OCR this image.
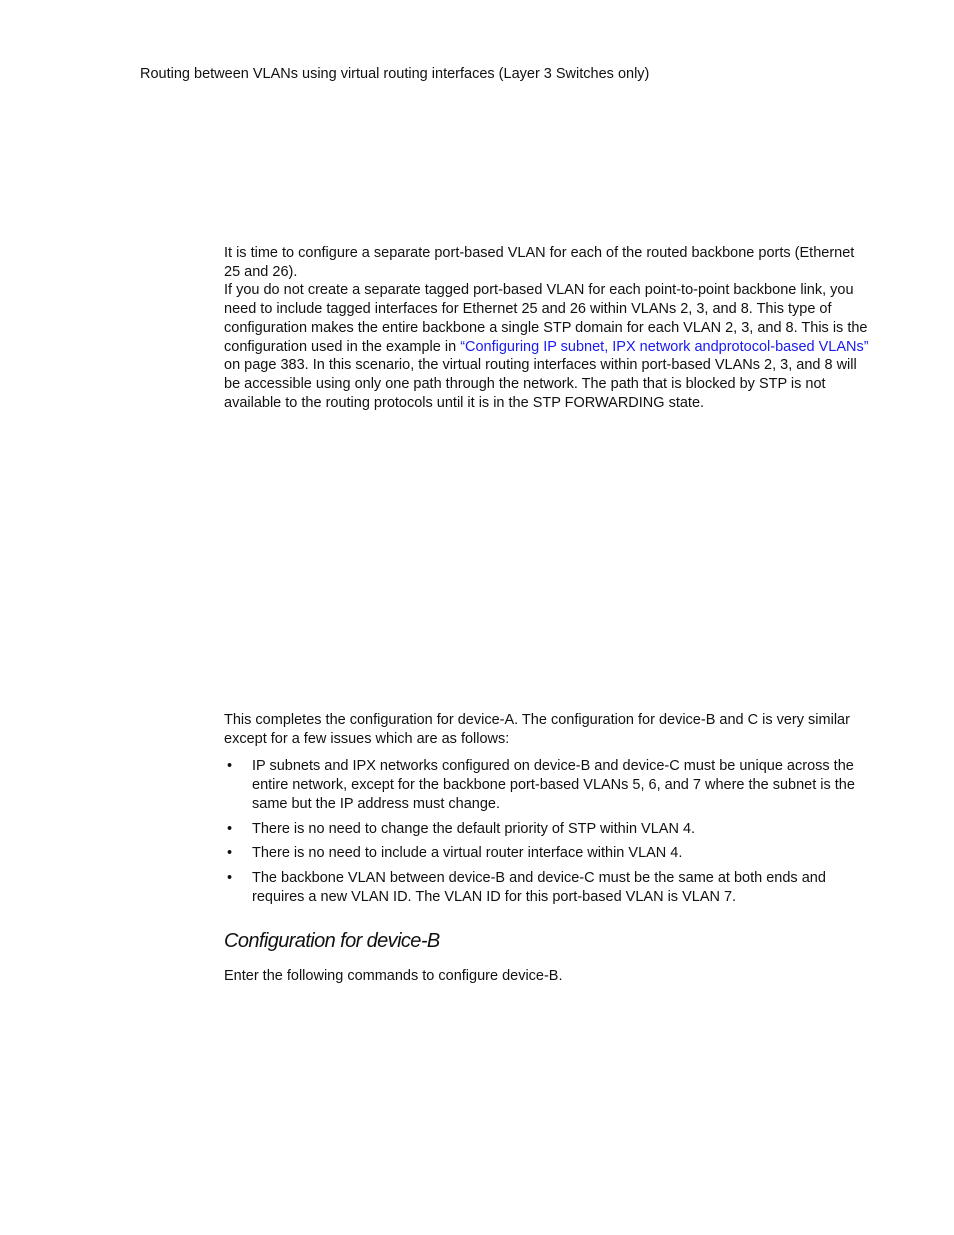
Routing between VLANs using virtual routing interfaces (Layer 3 Switches only)

It is time to configure a separate port-based VLAN for each of the routed backbone ports (Ethernet 25 and 26).

If you do not create a separate tagged port-based VLAN for each point-to-point backbone link, you need to include tagged interfaces for Ethernet 25 and 26 within VLANs 2, 3, and 8. This type of configuration makes the entire backbone a single STP domain for each VLAN 2, 3, and 8. This is the configuration used in the example in “Configuring IP subnet, IPX network andprotocol-based VLANs” on page 383. In this scenario, the virtual routing interfaces within port-based VLANs 2, 3, and 8 will be accessible using only one path through the network. The path that is blocked by STP is not available to the routing protocols until it is in the STP FORWARDING state.

This completes the configuration for device-A. The configuration for device-B and C is very similar except for a few issues which are as follows:

• IP subnets and IPX networks configured on device-B and device-C must be unique across the entire network, except for the backbone port-based VLANs 5, 6, and 7 where the subnet is the same but the IP address must change.
• There is no need to change the default priority of STP within VLAN 4.
• There is no need to include a virtual router interface within VLAN 4.
• The backbone VLAN between device-B and device-C must be the same at both ends and requires a new VLAN ID. The VLAN ID for this port-based VLAN is VLAN 7.
Configuration for device-B

Enter the following commands to configure device-B.
